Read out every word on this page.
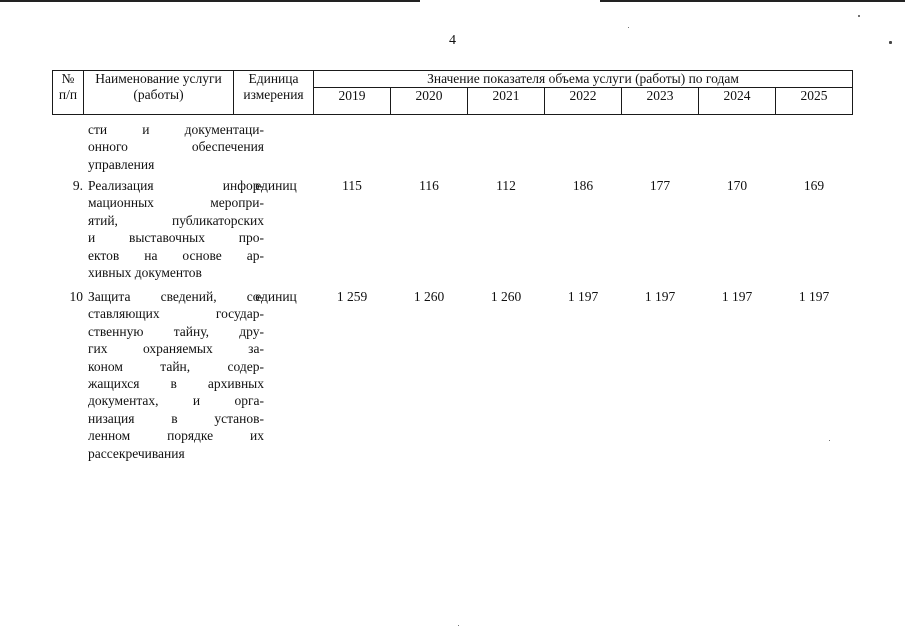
4
№ п/п	Наименование услуги (работы)	Единица измерения	Значение показателя объема услуги (работы) по годам						
			2019	2020	2021	2022	2023	2024	2025
сти и документаци-
онного обеспечения
управления
9. Реализация инфор-
мационных меропри-
ятий, публикаторских
и выставочных про-
ектов на основе ар-
хивных документов
единиц	115	116	112	186	177	170	169
10 Защита сведений, со-
ставляющих государ-
ственную тайну, дру-
гих охраняемых за-
коном тайн, содер-
жащихся в архивных
документах, и орга-
низация в установ-
ленном порядке их
рассекречивания
единиц	1 259	1 260	1 260	1 197	1 197	1 197	1 197
